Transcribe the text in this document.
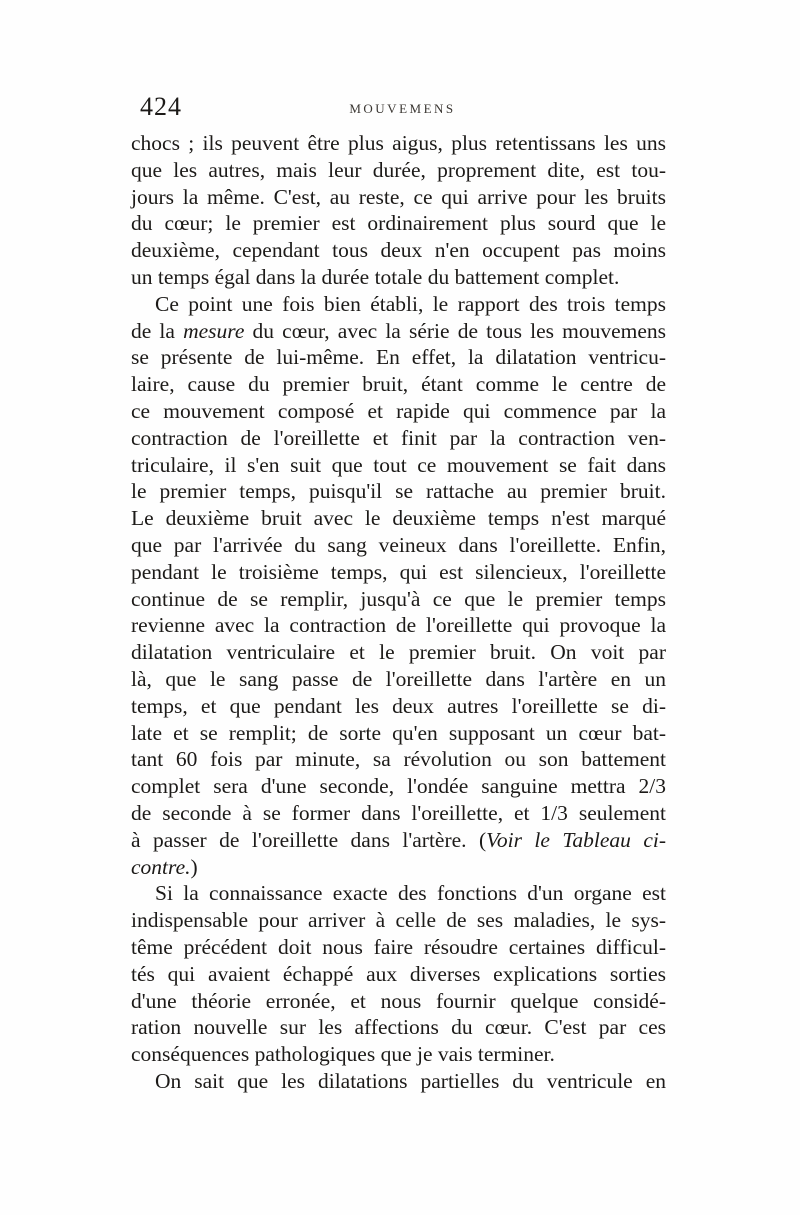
424	MOUVEMENS
chocs ; ils peuvent être plus aigus, plus retentissans les uns
que les autres, mais leur durée, proprement dite, est tou-
jours la même. C'est, au reste, ce qui arrive pour les bruits
du cœur; le premier est ordinairement plus sourd que le
deuxième, cependant tous deux n'en occupent pas moins
un temps égal dans la durée totale du battement complet.
Ce point une fois bien établi, le rapport des trois temps
de la mesure du cœur, avec la série de tous les mouvemens
se présente de lui-même. En effet, la dilatation ventricu-
laire, cause du premier bruit, étant comme le centre de
ce mouvement composé et rapide qui commence par la
contraction de l'oreillette et finit par la contraction ven-
triculaire, il s'en suit que tout ce mouvement se fait dans
le premier temps, puisqu'il se rattache au premier bruit.
Le deuxième bruit avec le deuxième temps n'est marqué
que par l'arrivée du sang veineux dans l'oreillette. Enfin,
pendant le troisième temps, qui est silencieux, l'oreillette
continue de se remplir, jusqu'à ce que le premier temps
revienne avec la contraction de l'oreillette qui provoque la
dilatation ventriculaire et le premier bruit. On voit par
là, que le sang passe de l'oreillette dans l'artère en un
temps, et que pendant les deux autres l'oreillette se di-
late et se remplit; de sorte qu'en supposant un cœur bat-
tant 60 fois par minute, sa révolution ou son battement
complet sera d'une seconde, l'ondée sanguine mettra 2/3
de seconde à se former dans l'oreillette, et 1/3 seulement
à passer de l'oreillette dans l'artère. (Voir le Tableau ci-
contre.)
Si la connaissance exacte des fonctions d'un organe est
indispensable pour arriver à celle de ses maladies, le sys-
tême précédent doit nous faire résoudre certaines difficul-
tés qui avaient échappé aux diverses explications sorties
d'une théorie erronée, et nous fournir quelque considé-
ration nouvelle sur les affections du cœur. C'est par ces
conséquences pathologiques que je vais terminer.
On sait que les dilatations partielles du ventricule en
